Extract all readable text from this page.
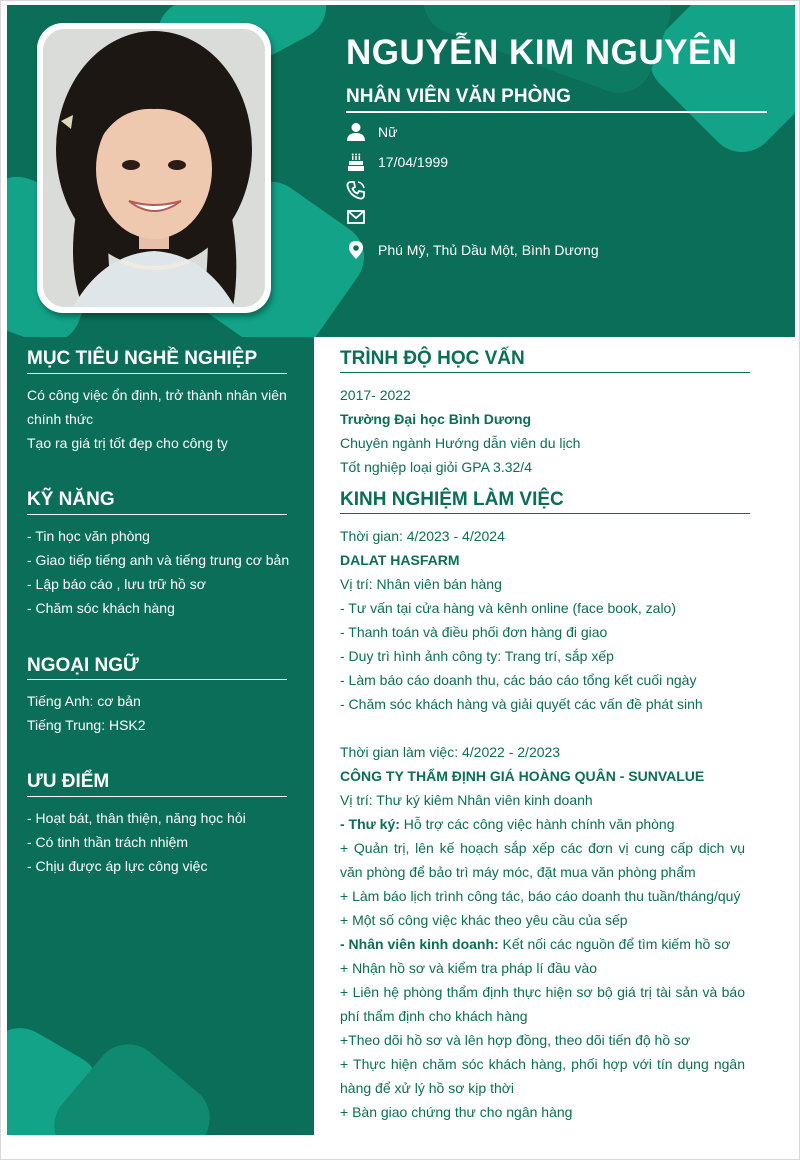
NGUYỄN KIM NGUYÊN
NHÂN VIÊN VĂN PHÒNG
Nữ
17/04/1999
Phú Mỹ, Thủ Dầu Một, Bình Dương
MỤC TIÊU NGHỀ NGHIỆP
Có công việc ổn định, trở thành nhân viên chính thức
Tạo ra giá trị tốt đẹp cho công ty
KỸ NĂNG
- Tin học văn phòng
- Giao tiếp tiếng anh và tiếng trung cơ bản
- Lập báo cáo , lưu trữ hồ sơ
- Chăm sóc khách hàng
NGOẠI NGỮ
Tiếng Anh: cơ bản
Tiếng Trung: HSK2
ƯU ĐIỂM
- Hoạt bát, thân thiện, năng học hỏi
- Có tinh thần trách nhiệm
- Chịu được áp lực công việc
TRÌNH ĐỘ HỌC VẤN
2017- 2022
Trường Đại học Bình Dương
Chuyên ngành Hướng dẫn viên du lịch
Tốt nghiệp loại giỏi GPA 3.32/4
KINH NGHIỆM LÀM VIỆC
Thời gian: 4/2023 - 4/2024
DALAT HASFARM
Vị trí: Nhân viên bán hàng
- Tư vấn tại cửa hàng và kênh online (face book, zalo)
- Thanh toán và điều phối đơn hàng đi giao
- Duy trì hình ảnh công ty: Trang trí, sắp xếp
- Làm báo cáo doanh thu, các báo cáo tổng kết cuối ngày
- Chăm sóc khách hàng và giải quyết các vấn đề phát sinh
Thời gian làm việc: 4/2022 - 2/2023
CÔNG TY THẨM ĐỊNH GIÁ HOÀNG QUÂN - SUNVALUE
Vị trí: Thư ký kiêm Nhân viên kinh doanh
- Thư ký: Hỗ trợ các công việc hành chính văn phòng
+ Quản trị, lên kế hoạch sắp xếp các đơn vị cung cấp dịch vụ văn phòng để bảo trì máy móc, đặt mua văn phòng phẩm
+ Làm báo lịch trình công tác, báo cáo doanh thu tuần/tháng/quý
+ Một số công việc khác theo yêu cầu của sếp
- Nhân viên kinh doanh: Kết nối các nguồn để tìm kiếm hồ sơ
+ Nhận hồ sơ và kiểm tra pháp lí đầu vào
+ Liên hệ phòng thẩm định thực hiện sơ bộ giá trị tài sản và báo phí thẩm định cho khách hàng
+Theo dõi hồ sơ và lên hợp đồng, theo dõi tiến độ hồ sơ
+ Thực hiện chăm sóc khách hàng, phối hợp với tín dụng ngân hàng để xử lý hồ sơ kịp thời
+ Bàn giao chứng thư cho ngân hàng
